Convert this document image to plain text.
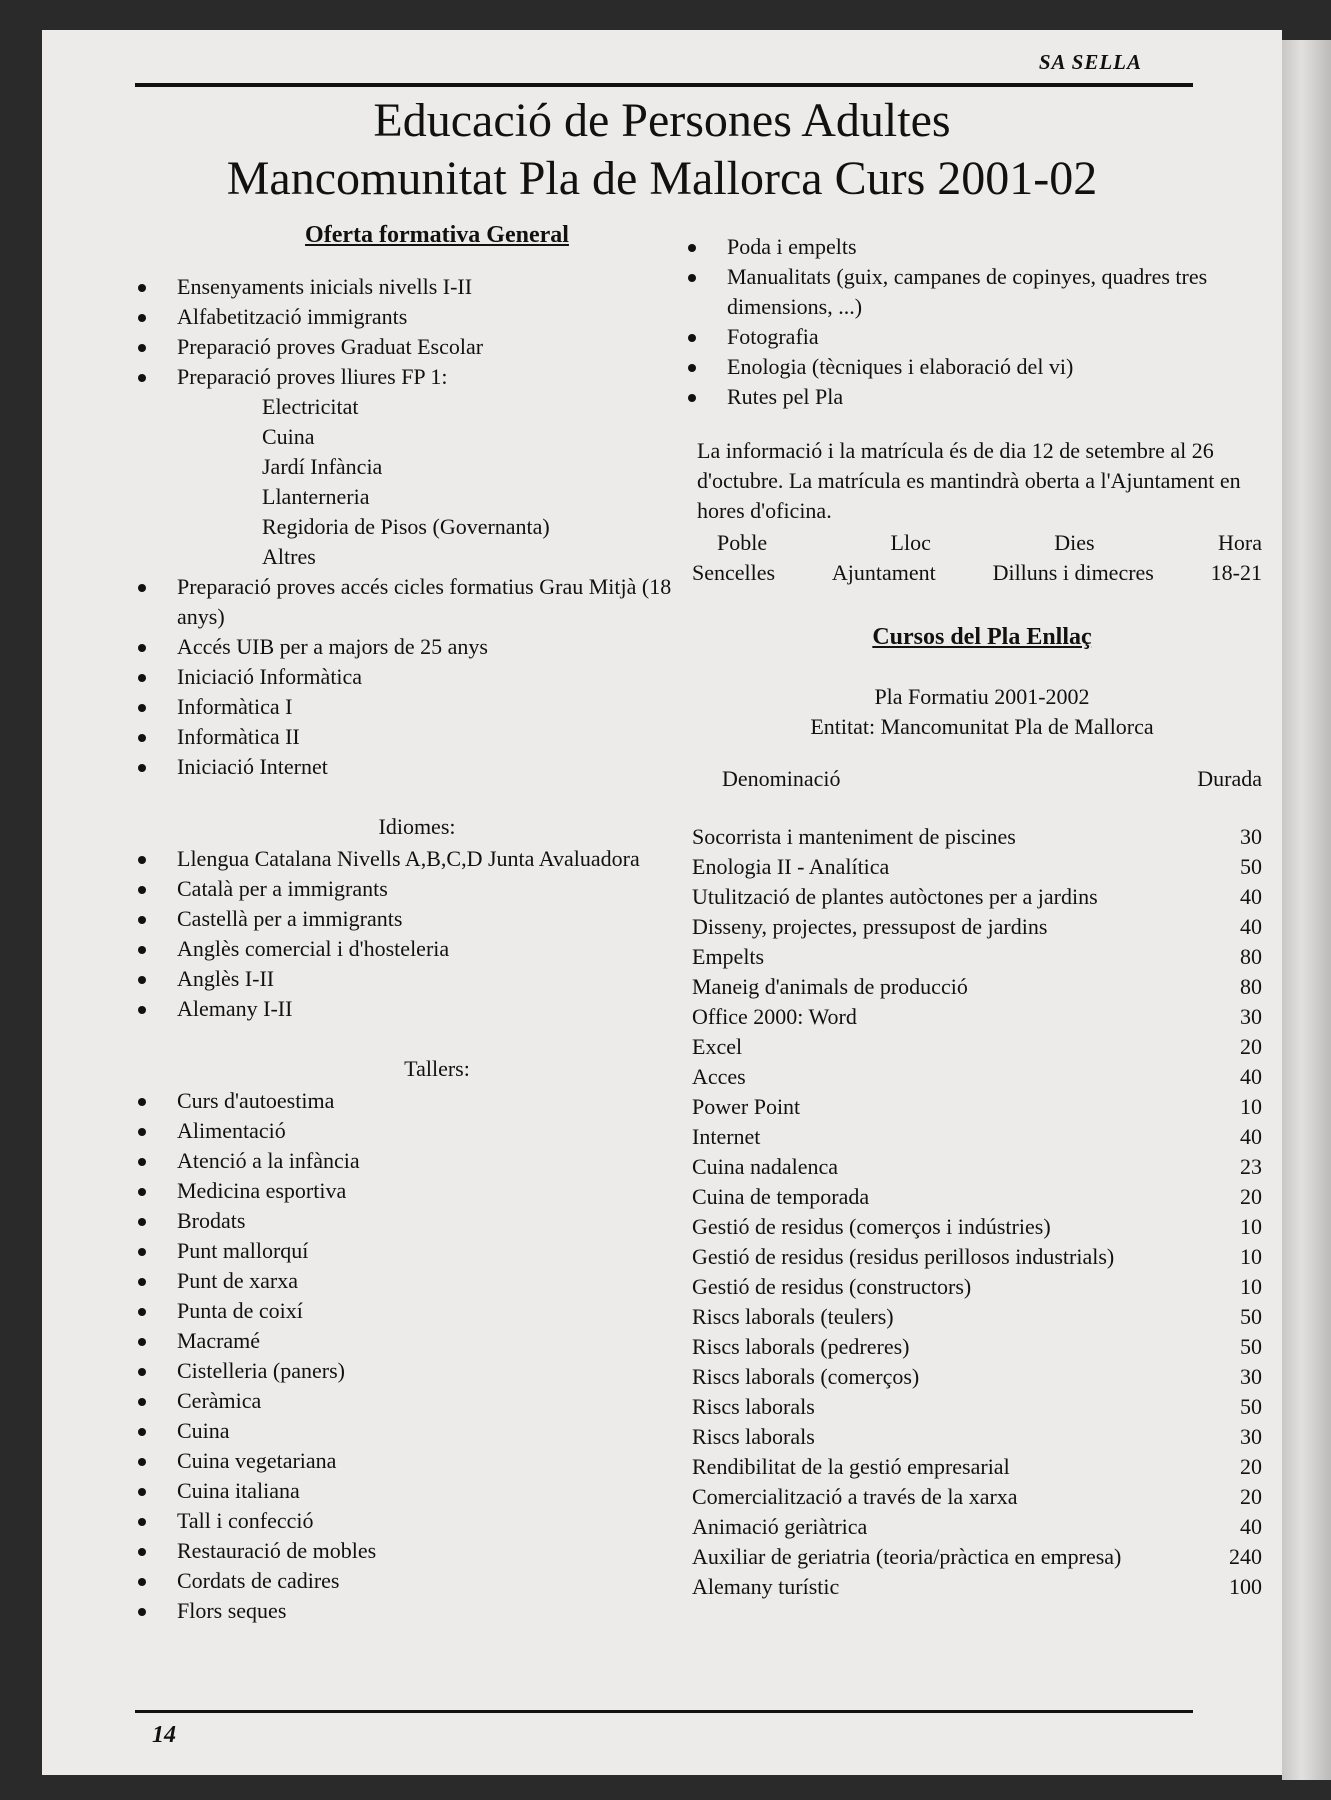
SA SELLA
Educació de Persones Adultes
Mancomunitat Pla de Mallorca Curs 2001-02
Oferta formativa General
Ensenyaments inicials nivells I-II
Alfabetització immigrants
Preparació proves Graduat Escolar
Preparació proves lliures FP 1:
Electricitat
Cuina
Jardí Infància
Llanterneria
Regidoria de Pisos (Governanta)
Altres
Preparació proves accés cicles formatius Grau Mitjà (18 anys)
Accés UIB per a majors de 25 anys
Iniciació Informàtica
Informàtica I
Informàtica II
Iniciació Internet
Idiomes:
Llengua Catalana Nivells A,B,C,D Junta Avaluadora
Català per a immigrants
Castellà per a immigrants
Anglès comercial i d'hosteleria
Anglès I-II
Alemany I-II
Tallers:
Curs d'autoestima
Alimentació
Atenció a la infància
Medicina esportiva
Brodats
Punt mallorquí
Punt de xarxa
Punta de coixí
Macramé
Cistelleria (paners)
Ceràmica
Cuina
Cuina vegetariana
Cuina italiana
Tall i confecció
Restauració de mobles
Cordats de cadires
Flors seques
Poda i empelts
Manualitats (guix, campanes de copinyes, quadres tres dimensions, ...)
Fotografia
Enologia (tècniques i elaboració del vi)
Rutes pel Pla
La informació i la matrícula és de dia 12 de setembre al 26 d'octubre. La matrícula es mantindrà oberta a l'Ajuntament en hores d'oficina.
Poble	Lloc	Dies	Hora
Sencelles	Ajuntament	Dilluns i dimecres	18-21
Cursos del Pla Enllaç
Pla Formatiu 2001-2002
Entitat: Mancomunitat Pla de Mallorca
Denominació	Durada
Socorrista i manteniment de piscines	30
Enologia II - Analítica	50
Utulització de plantes autòctones per a jardins	40
Disseny, projectes, pressupost de jardins	40
Empelts	80
Maneig d'animals de producció	80
Office 2000: Word	30
Excel	20
Acces	40
Power Point	10
Internet	40
Cuina nadalenca	23
Cuina de temporada	20
Gestió de residus (comerços i indústries)	10
Gestió de residus (residus perillosos industrials)	10
Gestió de residus (constructors)	10
Riscs laborals (teulers)	50
Riscs laborals (pedreres)	50
Riscs laborals (comerços)	30
Riscs laborals	50
Riscs laborals	30
Rendibilitat de la gestió empresarial	20
Comercialització a través de la xarxa	20
Animació geriàtrica	40
Auxiliar de geriatria (teoria/pràctica en empresa)	240
Alemany turístic	100
14
